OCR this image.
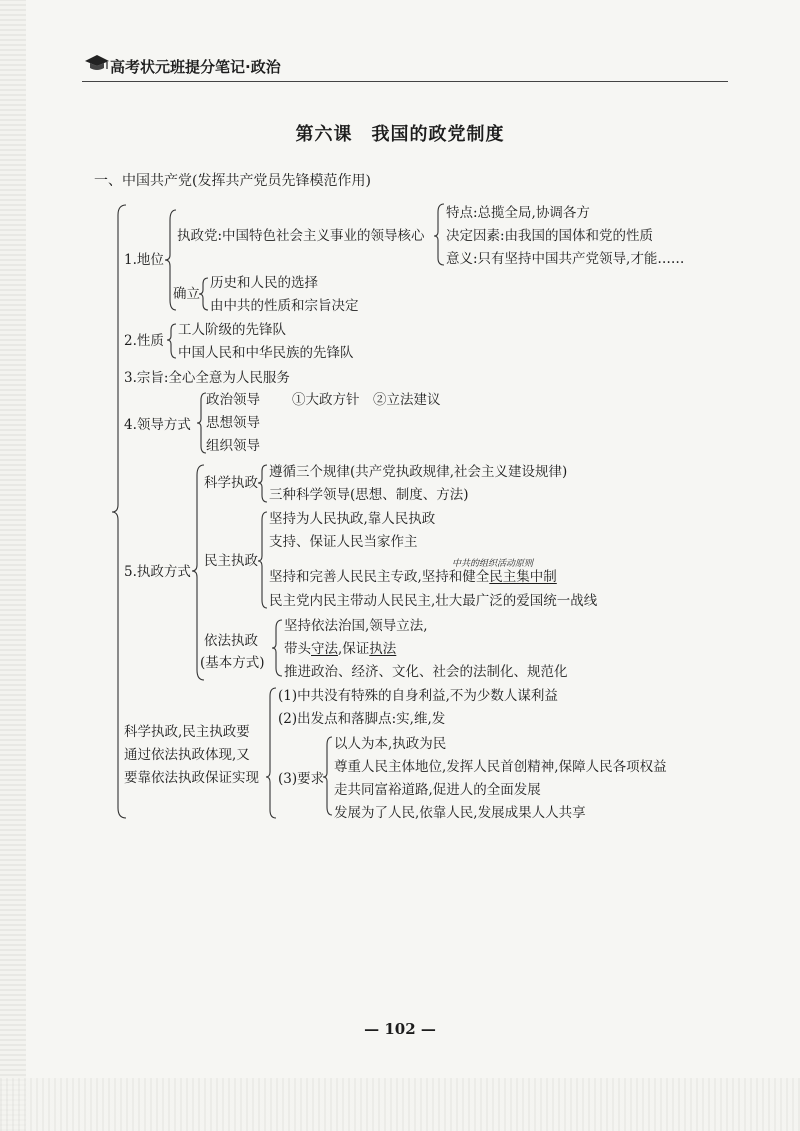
高考状元班提分笔记·政治
第六课　我国的政党制度
一、中国共产党(发挥共产党员先锋模范作用)
1.地位
执政党:中国特色社会主义事业的领导核心
特点:总揽全局,协调各方
决定因素:由我国的国体和党的性质
意义:只有坚持中国共产党领导,才能……
确立
历史和人民的选择
由中共的性质和宗旨决定
2.性质
工人阶级的先锋队
中国人民和中华民族的先锋队
3.宗旨:全心全意为人民服务
4.领导方式
政治领导 ①大政方针　②立法建议
思想领导
组织领导
5.执政方式
科学执政
遵循三个规律(共产党执政规律,社会主义建设规律)
三种科学领导(思想、制度、方法)
民主执政
坚持为人民执政,靠人民执政
支持、保证人民当家作主
中共的组织活动原则
坚持和完善人民民主专政,坚持和健全民主集中制
民主党内民主带动人民民主,壮大最广泛的爱国统一战线
依法执政
(基本方式)
坚持依法治国,领导立法,
带头守法,保证执法
推进政治、经济、文化、社会的法制化、规范化
科学执政,民主执政要
通过依法执政体现,又
要靠依法执政保证实现
(1)中共没有特殊的自身利益,不为少数人谋利益
(2)出发点和落脚点:实,维,发
(3)要求
以人为本,执政为民
尊重人民主体地位,发挥人民首创精神,保障人民各项权益
走共同富裕道路,促进人的全面发展
发展为了人民,依靠人民,发展成果人人共享
— 102 —
